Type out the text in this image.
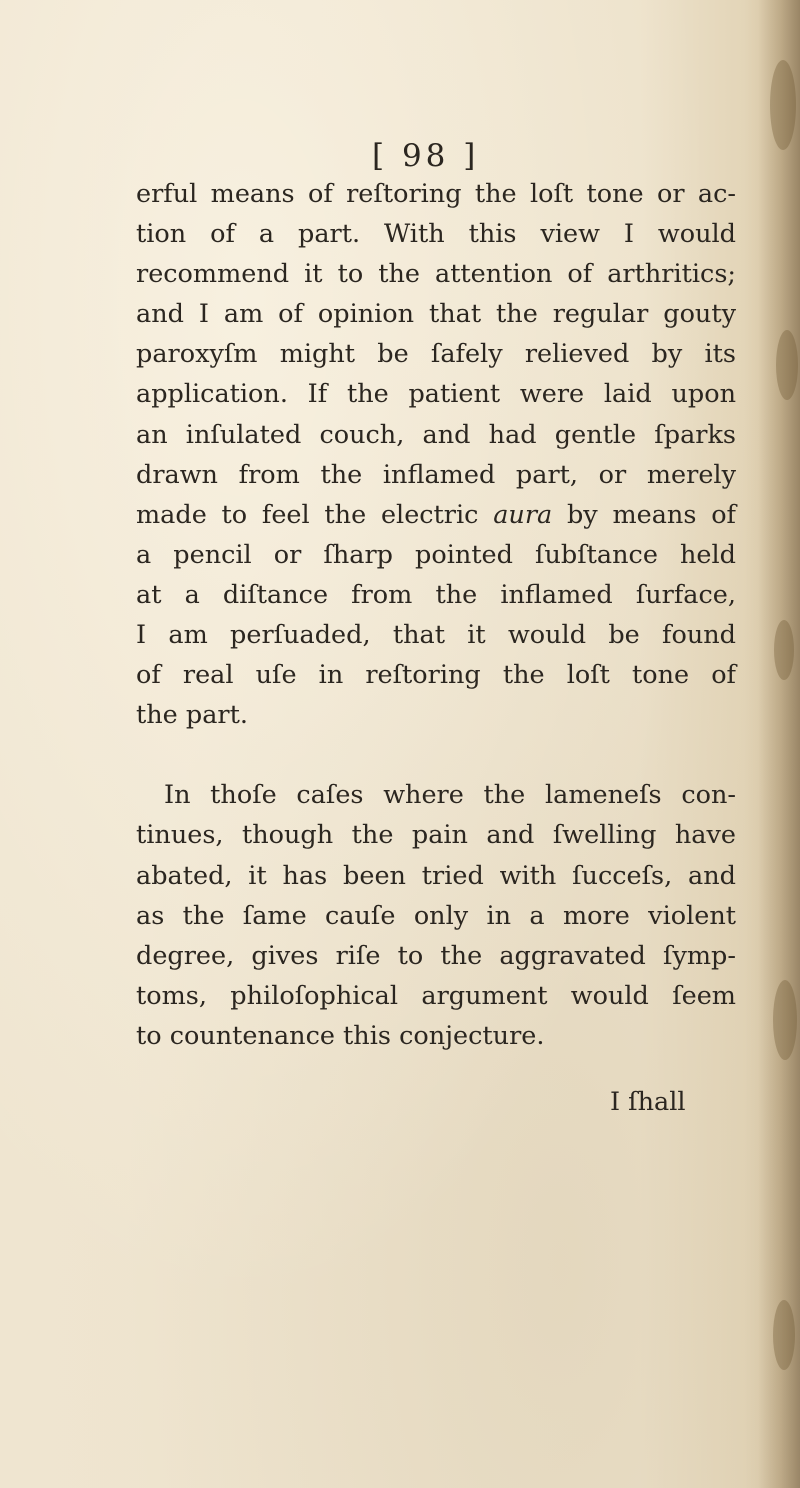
[ 98 ]
erful means of reſtoring the loſt tone or ac-
tion of a part. With this view I would
recommend it to the attention of arthritics;
and I am of opinion that the regular gouty
paroxyſm might be ſafely relieved by its
application. If the patient were laid upon
an inſulated couch, and had gentle ſparks
drawn from the inflamed part, or merely
made to feel the electric aura by means of
a pencil or ſharp pointed ſubſtance held
at a diſtance from the inflamed ſurface,
I am perſuaded, that it would be found
of real uſe in reſtoring the loſt tone of
the part.
In thoſe caſes where the lameneſs con-
tinues, though the pain and ſwelling have
abated, it has been tried with ſucceſs, and
as the ſame cauſe only in a more violent
degree, gives riſe to the aggravated ſymp-
toms, philoſophical argument would ſeem
to countenance this conjecture.
I ſhall
